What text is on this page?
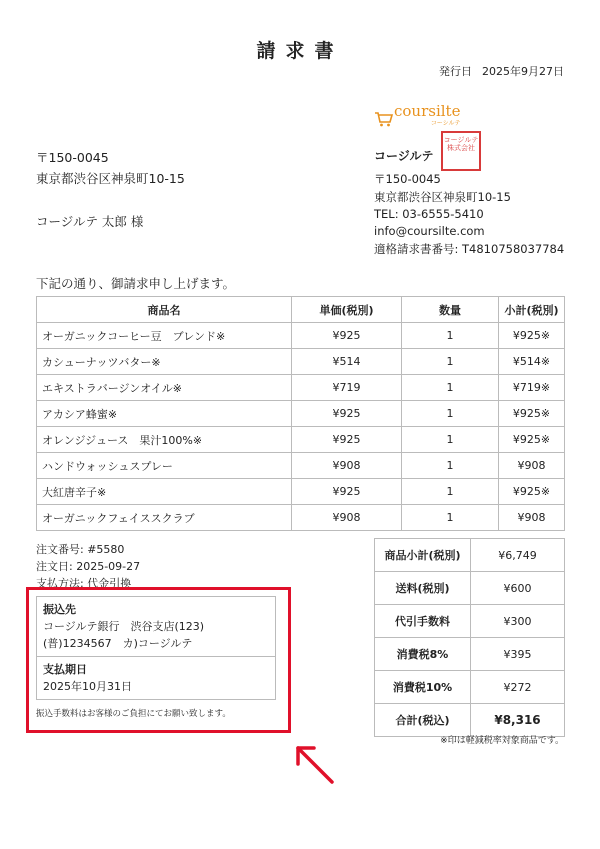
請求書
発行日 2025年9月27日
coursilte
コーシルテ
コージルテ株式会社
〒150-0045
東京都渋谷区神泉町10-15
コージルテ 太郎 様
コージルテ
〒150-0045
東京都渋谷区神泉町10-15
TEL: 03-6555-5410
info@coursilte.com
適格請求書番号: T4810758037784
下記の通り、御請求申し上げます。
商品名	単価(税別)	数量	小計(税別)
オーガニックコーヒー豆　ブレンド※	¥925	1	¥925※
カシューナッツバター※	¥514	1	¥514※
エキストラバージンオイル※	¥719	1	¥719※
アカシア蜂蜜※	¥925	1	¥925※
オレンジジュース　果汁100%※	¥925	1	¥925※
ハンドウォッシュスプレー	¥908	1	¥908
大紅唐辛子※	¥925	1	¥925※
オーガニックフェイススクラブ	¥908	1	¥908
注文番号: #5580
注文日: 2025-09-27
支払方法: 代金引換
振込先
コージルテ銀行　渋谷支店(123)
(普)1234567　カ)コージルテ

支払期日
2025年10月31日
振込手数料はお客様のご負担にてお願い致します。
商品小計(税別)	¥6,749
送料(税別)	¥600
代引手数料	¥300
消費税8%	¥395
消費税10%	¥272
合計(税込)	¥8,316
※印は軽減税率対象商品です。
